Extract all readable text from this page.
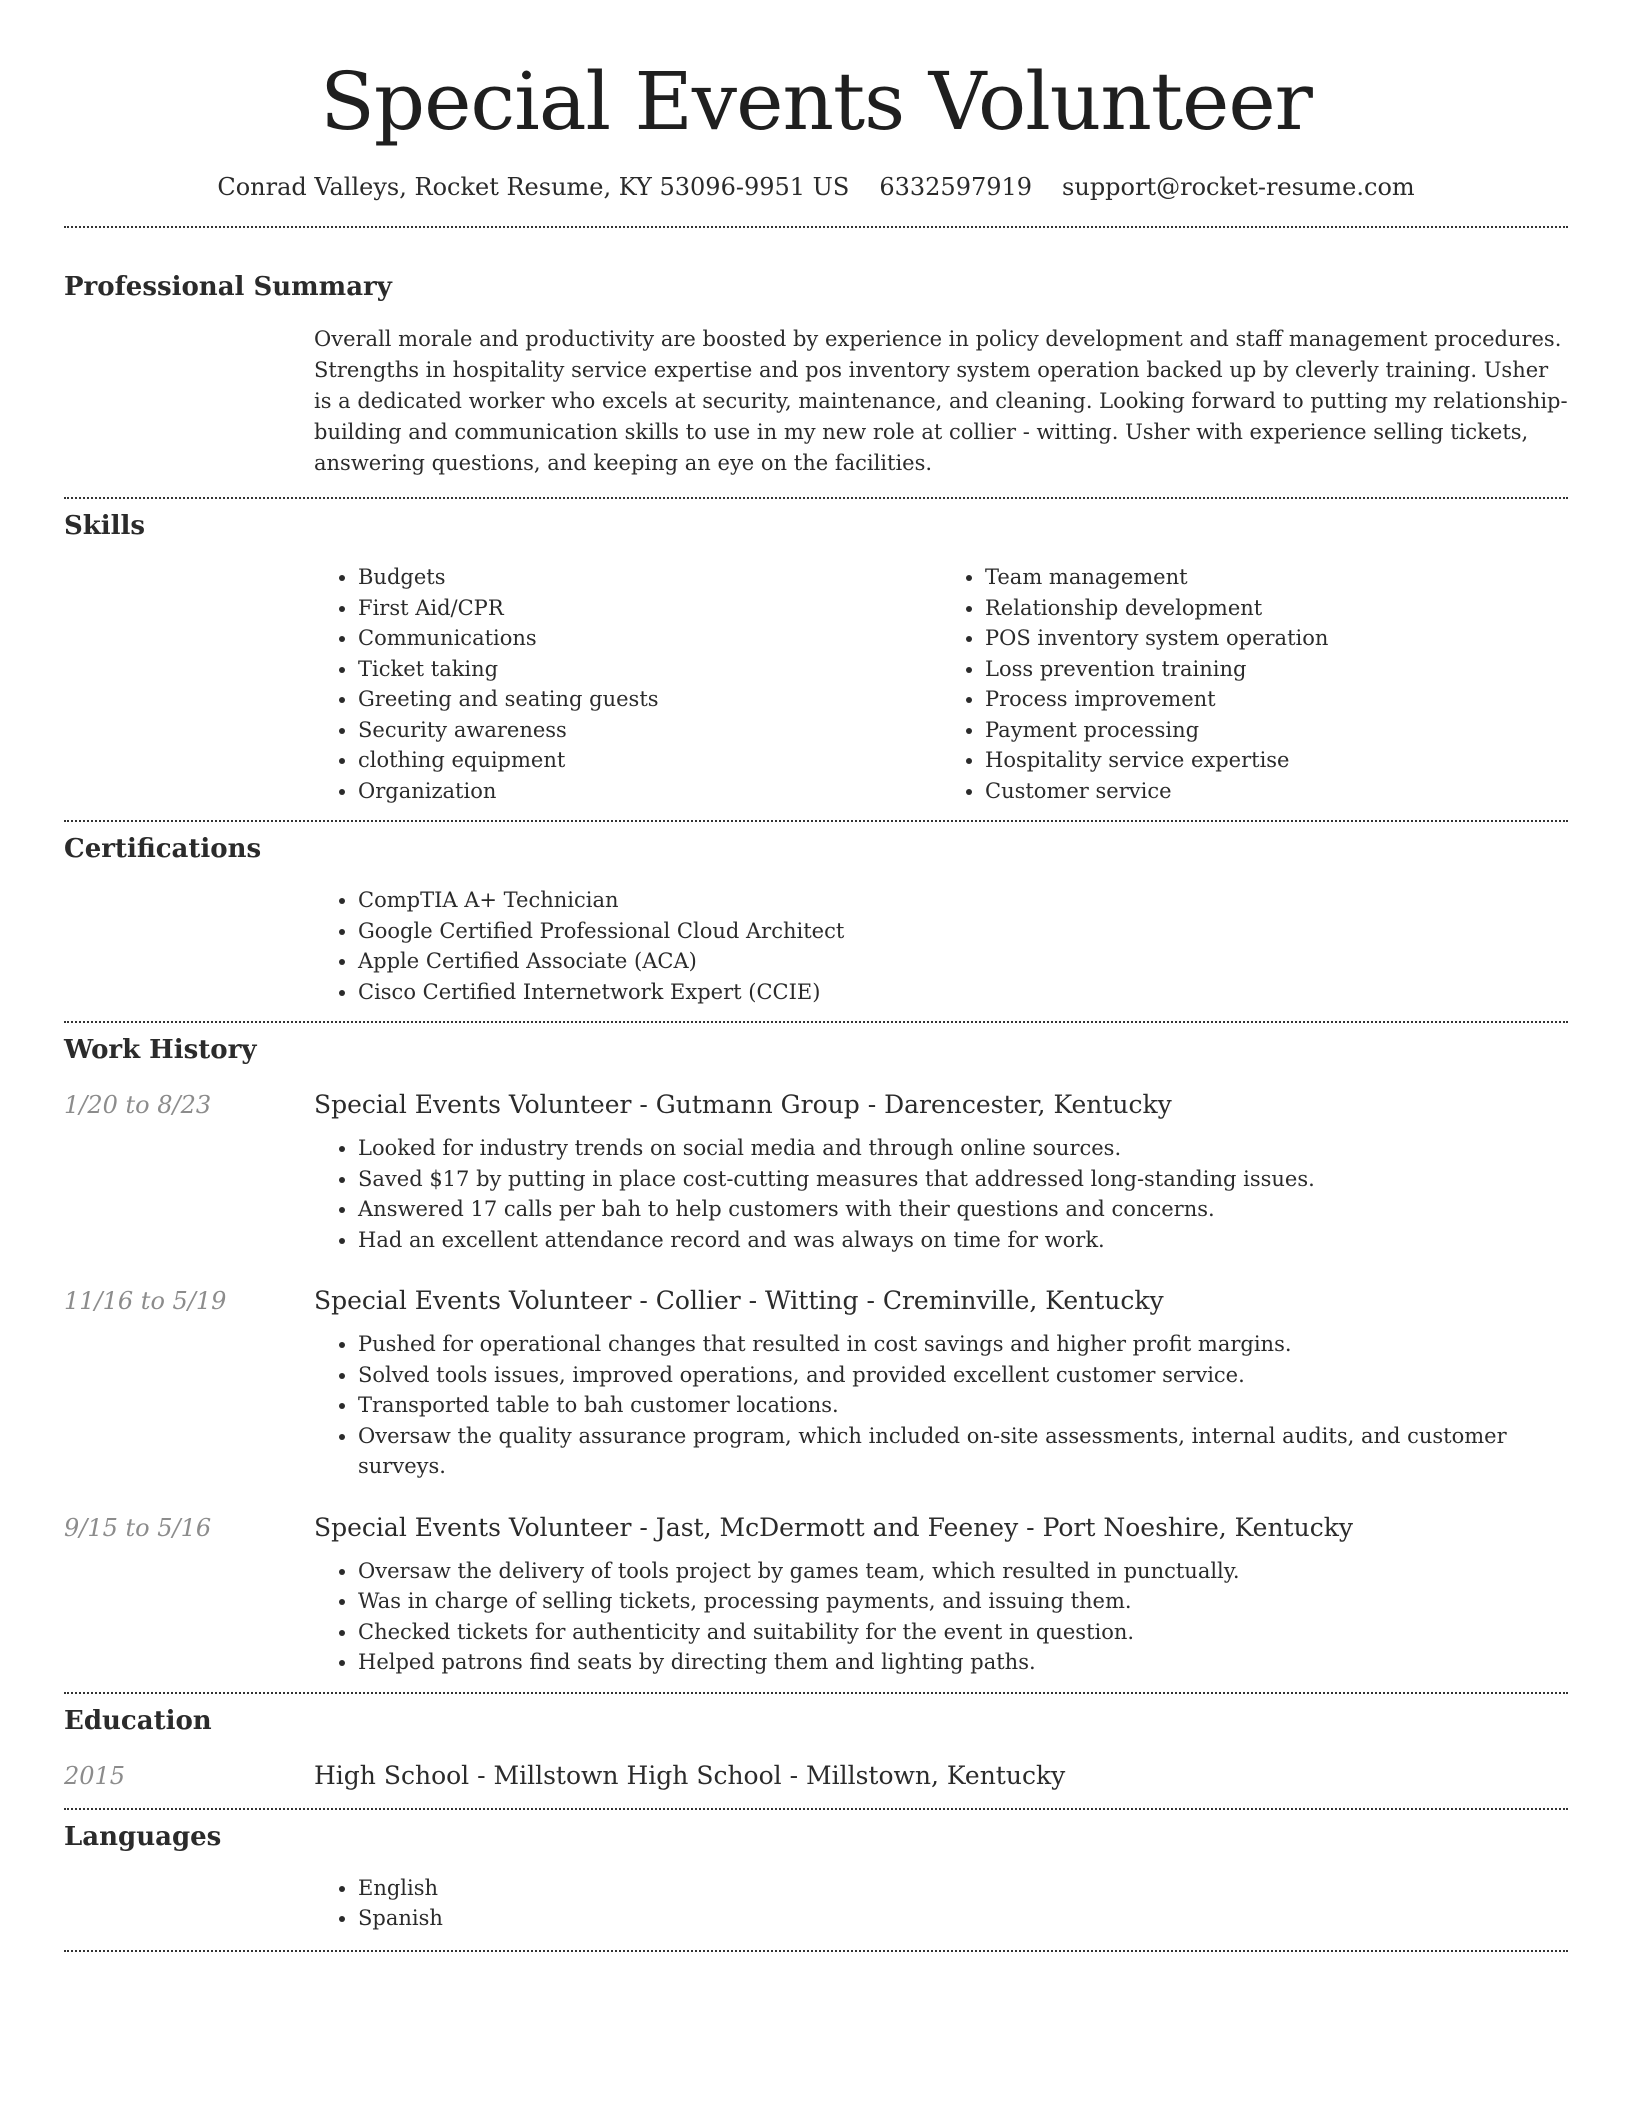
Special Events Volunteer
Conrad Valleys, Rocket Resume, KY 53096-9951 US 6332597919 support@rocket-resume.com
Professional Summary

Overall morale and productivity are boosted by experience in policy development and staff management procedures. Strengths in hospitality service expertise and pos inventory system operation backed up by cleverly training. Usher is a dedicated worker who excels at security, maintenance, and cleaning. Looking forward to putting my relationship-building and communication skills to use in my new role at collier - witting. Usher with experience selling tickets, answering questions, and keeping an eye on the facilities.

Skills
• Budgets
• First Aid/CPR
• Communications
• Ticket taking
• Greeting and seating guests
• Security awareness
• clothing equipment
• Organization
• Team management
• Relationship development
• POS inventory system operation
• Loss prevention training
• Process improvement
• Payment processing
• Hospitality service expertise
• Customer service
Certifications
• CompTIA A+ Technician
• Google Certified Professional Cloud Architect
• Apple Certified Associate (ACA)
• Cisco Certified Internetwork Expert (CCIE)
Work History
1/20 to 8/23	Special Events Volunteer - Gutmann Group - Darencester, Kentucky
• Looked for industry trends on social media and through online sources.
• Saved $17 by putting in place cost-cutting measures that addressed long-standing issues.
• Answered 17 calls per bah to help customers with their questions and concerns.
• Had an excellent attendance record and was always on time for work.
11/16 to 5/19	Special Events Volunteer - Collier - Witting - Creminville, Kentucky
• Pushed for operational changes that resulted in cost savings and higher profit margins.
• Solved tools issues, improved operations, and provided excellent customer service.
• Transported table to bah customer locations.
• Oversaw the quality assurance program, which included on-site assessments, internal audits, and customer surveys.
9/15 to 5/16	Special Events Volunteer - Jast, McDermott and Feeney - Port Noeshire, Kentucky
• Oversaw the delivery of tools project by games team, which resulted in punctually.
• Was in charge of selling tickets, processing payments, and issuing them.
• Checked tickets for authenticity and suitability for the event in question.
• Helped patrons find seats by directing them and lighting paths.
Education
2015	High School - Millstown High School - Millstown, Kentucky
Languages
• English
• Spanish
